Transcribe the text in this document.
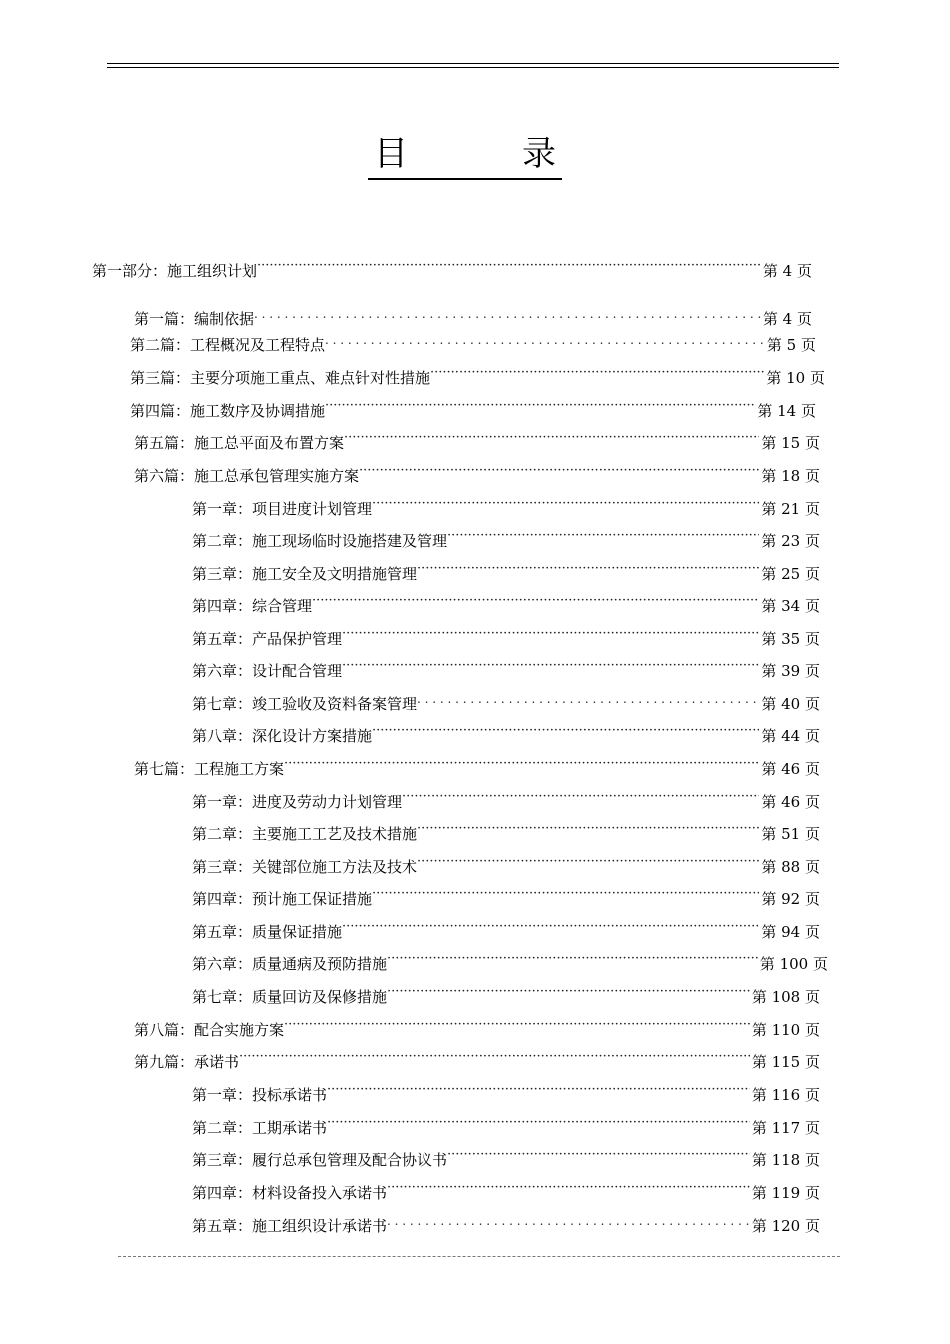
目	录
第一部分：施工组织计划 ·····	第 4 页
第一篇：编制依据 . . .	第 4 页
第二篇：工程概况及工程特点 . . .	第 5 页
第三篇：主要分项施工重点、难点针对性措施 ·····	第 10 页
第四篇：施工数序及协调措施 ·····	第 14 页
第五篇：施工总平面及布置方案 ·····	第 15 页
第六篇：施工总承包管理实施方案 ·····	第 18 页
第一章：项目进度计划管理 ·····	第 21 页
第二章：施工现场临时设施搭建及管理 ·····	第 23 页
第三章：施工安全及文明措施管理 ·····	第 25 页
第四章：综合管理 ·····	第 34 页
第五章：产品保护管理 ·····	第 35 页
第六章：设计配合管理 ·····	第 39 页
第七章：竣工验收及资料备案管理 . . .	第 40 页
第八章：深化设计方案措施 ·····	第 44 页
第七篇：工程施工方案 ·····	第 46 页
第一章：进度及劳动力计划管理 ·····	第 46 页
第二章：主要施工工艺及技术措施 ·····	第 51 页
第三章：关键部位施工方法及技术 ·····	第 88 页
第四章：预计施工保证措施 ·····	第 92 页
第五章：质量保证措施 ·····	第 94 页
第六章：质量通病及预防措施 ·····	第 100 页
第七章：质量回访及保修措施 ·····	第 108 页
第八篇：配合实施方案 ·····	第 110 页
第九篇：承诺书 ·····	第 115 页
第一章：投标承诺书 ·····	第 116 页
第二章：工期承诺书 ·····	第 117 页
第三章：履行总承包管理及配合协议书 ·····	第 118 页
第四章：材料设备投入承诺书 ·····	第 119 页
第五章：施工组织设计承诺书 . . .	第 120 页
